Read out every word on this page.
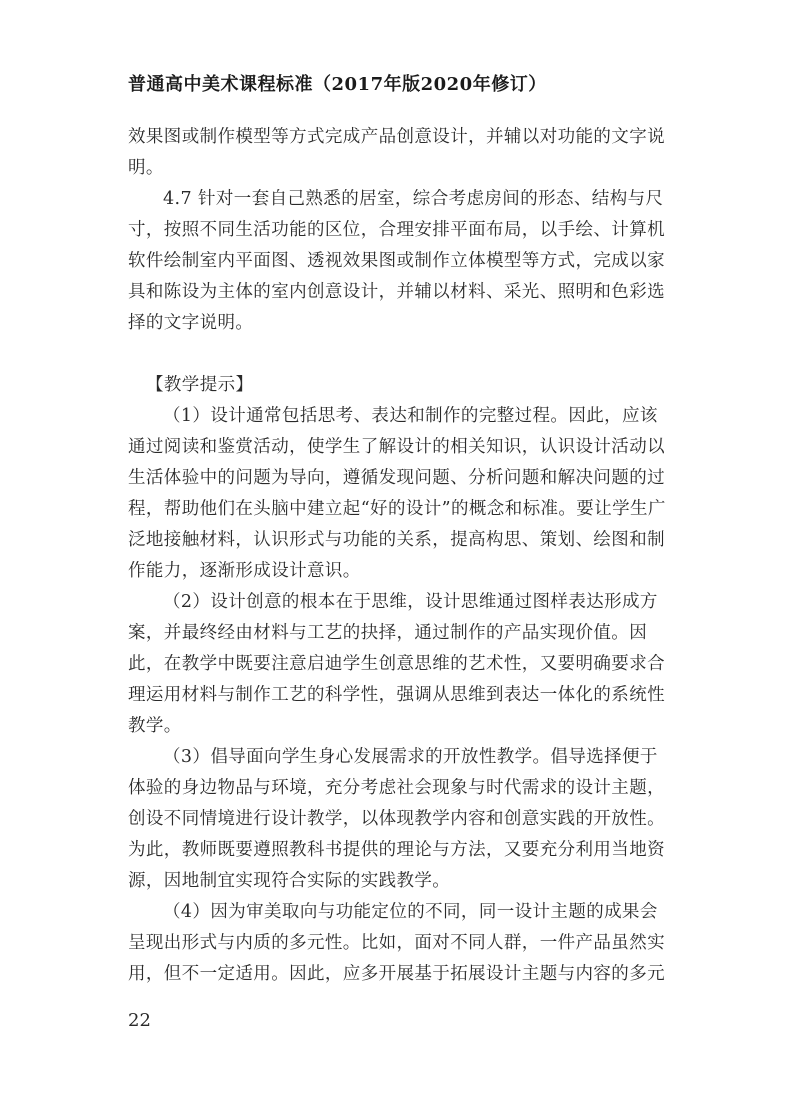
普通高中美术课程标准（2017年版2020年修订）

效果图或制作模型等方式完成产品创意设计，并辅以对功能的文字说明。

4.7 针对一套自己熟悉的居室，综合考虑房间的形态、结构与尺寸，按照不同生活功能的区位，合理安排平面布局，以手绘、计算机软件绘制室内平面图、透视效果图或制作立体模型等方式，完成以家具和陈设为主体的室内创意设计，并辅以材料、采光、照明和色彩选择的文字说明。

【教学提示】

（1）设计通常包括思考、表达和制作的完整过程。因此，应该通过阅读和鉴赏活动，使学生了解设计的相关知识，认识设计活动以生活体验中的问题为导向，遵循发现问题、分析问题和解决问题的过程，帮助他们在头脑中建立起“好的设计”的概念和标准。要让学生广泛地接触材料，认识形式与功能的关系，提高构思、策划、绘图和制作能力，逐渐形成设计意识。

（2）设计创意的根本在于思维，设计思维通过图样表达形成方案，并最终经由材料与工艺的抉择，通过制作的产品实现价值。因此，在教学中既要注意启迪学生创意思维的艺术性，又要明确要求合理运用材料与制作工艺的科学性，强调从思维到表达一体化的系统性教学。

（3）倡导面向学生身心发展需求的开放性教学。倡导选择便于体验的身边物品与环境，充分考虑社会现象与时代需求的设计主题，创设不同情境进行设计教学，以体现教学内容和创意实践的开放性。为此，教师既要遵照教科书提供的理论与方法，又要充分利用当地资源，因地制宜实现符合实际的实践教学。

（4）因为审美取向与功能定位的不同，同一设计主题的成果会呈现出形式与内质的多元性。比如，面对不同人群，一件产品虽然实用，但不一定适用。因此，应多开展基于拓展设计主题与内容的多元

22
